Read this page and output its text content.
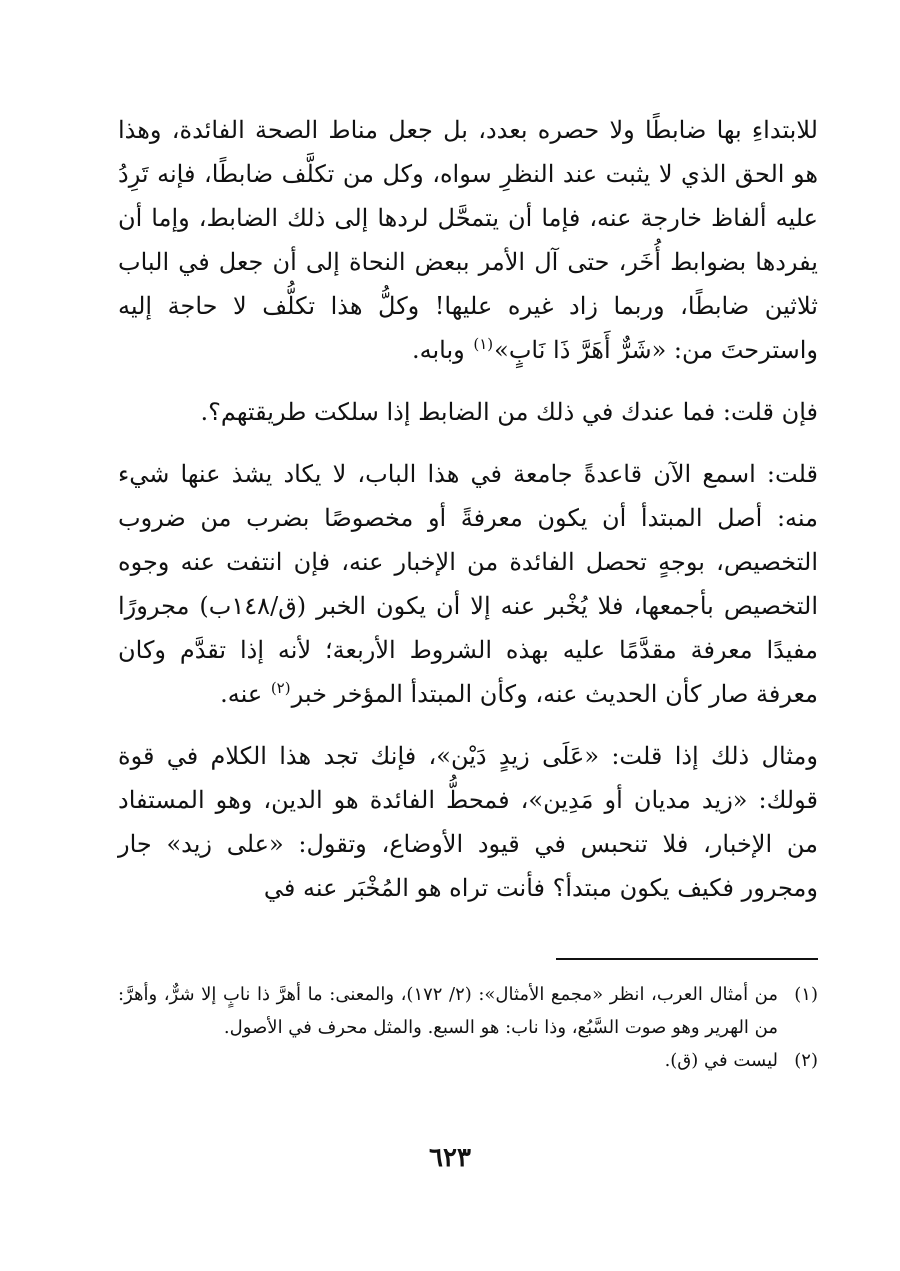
للابتداءِ بها ضابطًا ولا حصره بعدد، بل جعل مناط الصحة الفائدة، وهذا هو الحق الذي لا يثبت عند النظرِ سواه، وكل من تكلَّف ضابطًا، فإنه تَرِدُ عليه ألفاظ خارجة عنه، فإما أن يتمحَّل لردها إلى ذلك الضابط، وإما أن يفردها بضوابط أُخَر، حتى آل الأمر ببعض النحاة إلى أن جعل في الباب ثلاثين ضابطًا، وربما زاد غيره عليها! وكلُّ هذا تكلُّف لا حاجة إليه واسترحتَ من: «شَرٌّ أَهَرَّ ذَا نَابٍ»$^{(١)}$ وبابه.

فإن قلت: فما عندك في ذلك من الضابط إذا سلكت طريقتهم؟.

قلت: اسمع الآن قاعدةً جامعة في هذا الباب، لا يكاد يشذ عنها شيء منه: أصل المبتدأ أن يكون معرفةً أو مخصوصًا بضرب من ضروب التخصيص، بوجهٍ تحصل الفائدة من الإخبار عنه، فإن انتفت عنه وجوه التخصيص بأجمعها، فلا يُخْبر عنه إلا أن يكون الخبر (ق/١٤٨ب) مجرورًا مفيدًا معرفة مقدَّمًا عليه بهذه الشروط الأربعة؛ لأنه إذا تقدَّم وكان معرفة صار كأن الحديث عنه، وكأن المبتدأ المؤخر خبر$^{(٢)}$ عنه.

ومثال ذلك إذا قلت: «عَلَى زيدٍ دَيْن»، فإنك تجد هذا الكلام في قوة قولك: «زيد مديان أو مَدِين»، فمحطُّ الفائدة هو الدين، وهو المستفاد من الإخبار، فلا تنحبس في قيود الأوضاع، وتقول: «على زيد» جار ومجرور فكيف يكون مبتدأ؟ فأنت تراه هو المُخْبَر عنه في

(١)
من أمثال العرب، انظر «مجمع الأمثال»: (٢/ ١٧٢)، والمعنى: ما أهرَّ ذا نابٍ إلا شرٌّ، وأهرَّ: من الهرير وهو صوت السَّبُع، وذا ناب: هو السبع. والمثل محرف في الأصول.
(٢)
ليست في (ق).
٦٢٣
